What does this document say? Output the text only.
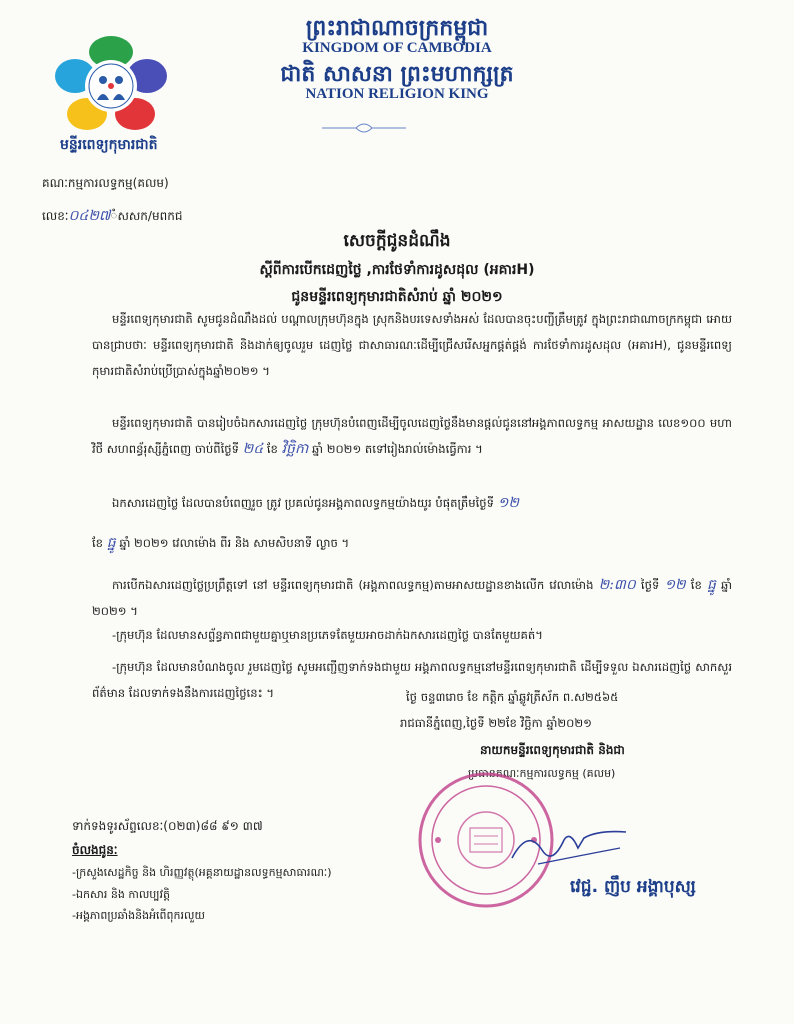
ព្រះរាជាណាចក្រកម្ពុជា
KINGDOM OF CAMBODIA
ជាតិ សាសនា ព្រះមហាក្សត្រ
NATION RELIGION KING
មន្ទីរពេទ្យកុមារជាតិ
គណៈកម្មការលទ្ធកម្ម(គលម)
លេខៈ០៤២៧ំសសក/មពកជ
សេចក្តីជូនដំណឹង
ស្តីពីការបើកដេញថ្លៃ ,ការថែទាំការដូសដុល (អគារH)
ជូនមន្ទីរពេទ្យកុមារជាតិសំរាប់ ឆ្នាំ ២០២១
មន្ទីរពេទ្យកុមារជាតិ សូមជូនដំណឹងដល់ បណ្តាលក្រុមហ៊ុនក្នុង ស្រុកនិងបរទេសទាំងអស់ ដែលបានចុះបញ្ជីត្រឹមត្រូវ ក្នុងព្រះរាជាណាចក្រកម្ពុជា អោយបានជ្រាបថាៈ មន្ទីរពេទ្យកុមារជាតិ និងដាក់ឲ្យចូលរួម ដេញថ្លៃ ជាសាធារណៈដើម្បីជ្រើសរើសអ្នកផ្គត់ផ្គង់ ការថែទាំការដូសដុល (អគារH), ជូនមន្ទីរពេទ្យកុមារជាតិសំរាប់ប្រើប្រាស់ក្នុងឆ្នាំ២០២១ ។
មន្ទីរពេទ្យកុមារជាតិ បានរៀបចំឯកសារដេញថ្លៃ ក្រុមហ៊ុនបំពេញដើម្បីចូលដេញថ្លៃនឹងមានផ្តល់ជូននៅអង្គភាពលទ្ធកម្ម អាសយដ្ឋាន លេខ១០០ មហាវិថី សហពន្ធ័រុស្សីភ្នំពេញ ចាប់ពីថ្ងៃទី ២៤ ខែ វិច្ឆិកា ឆ្នាំ ២០២១ តទៅរៀងរាល់ម៉ោងធ្វើការ ។
ឯកសារដេញថ្លៃ ដែលបានបំពេញរួច ត្រូវ ប្រគល់ជូនអង្គភាពលទ្ធកម្មយ៉ាងយូរ បំផុតត្រឹមថ្ងៃទី ១២
ខែ ធ្នូ ឆ្នាំ ២០២១ វេលាម៉ោង ពីរ និង សាមសិបនាទី ល្ងាច ។
ការបើកឯសារដេញថ្លៃប្រព្រឹត្តទៅ នៅ មន្ទីរពេទ្យកុមារជាតិ (អង្គភាពលទ្ធកម្ម)តាមអាសយដ្ឋានខាងលើក វេលាម៉ោង ២:៣០ ថ្ងៃទី ១២ ខែ ធ្នូ ឆ្នាំ ២០២១ ។
-ក្រុមហ៊ុន ដែលមានសព្ទ័ន្ធភាពជាមួយគ្នាឬមានប្រភេទតែមួយអាចដាក់ឯកសារដេញថ្លៃ បានតែមួយគត់។
-ក្រុមហ៊ុន ដែលមានបំណងចូល រួមដេញថ្លៃ សូមអញ្ជើញទាក់ទងជាមួយ អង្គភាពលទ្ធកម្មនៅមន្ទីរពេទ្យកុមារជាតិ ដើម្បីទទួល ឯសារដេញថ្លៃ សាកសួរព័ត៌មាន ដែលទាក់ទងនឹងការដេញថ្លៃនេះ ។	ថ្ងៃ ចន្ទ៣រោច ខែ កត្តិក ឆ្នាំឆ្លូវត្រីស័ក ព.ស២៥៦៥
រាជធានីភ្នំពេញ,ថ្ងៃទី ២២ខែ វិច្ឆិកា ឆ្នាំ២០២១
នាយកមន្ទីរពេទ្យកុមារជាតិ និងជា
ប្រធានគណៈកម្មការលទ្ធកម្ម (គលម)
វេជ្ជ. ញឹប អង្គាបុស្ស
ទាក់ទងទូរស័ព្ទលេខៈ(០២៣)៨៨ ៩១ ៣៧
ចំលងជូនៈ
-ក្រសួងសេដ្ឋកិច្ច និង ហិរញ្ញវត្ថុ(អគ្គនាយដ្ឋានលទ្ធកម្មសាធារណៈ)
-ឯកសារ និង កាលប្បវត្តិ
-អង្គភាពប្រឆាំងនិងអំពើពុករលួយ
